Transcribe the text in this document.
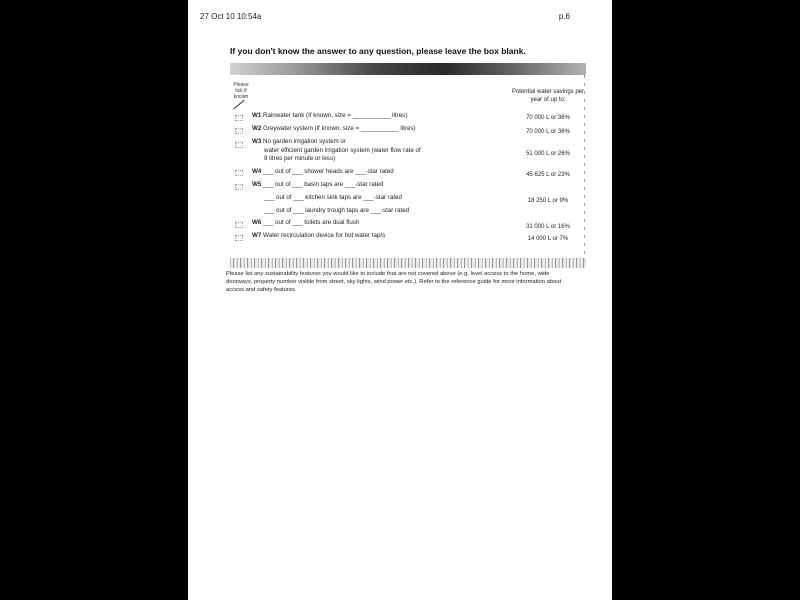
27 Oct 10 10:54a	p.6
If you don't know the answer to any question, please leave the box blank.
Please tick if known
Potential water savings per year of up to:
W1 Rainwater tank (If known, size = ___________ litres)	70 000 L or 36%
W2 Greywater system (if known, size = ___________ litres)	70 000 L or 36%
W3 No garden irrigation system or
water efficient garden irrigation system (water flow rate of
9 litres per minute or less)
51 000 L or 26%
W4 ___ out of ___ shower heads are ___-star rated	45 625 L or 23%
W5 ___ out of ___ basin taps are ___-star rated
___ out of ___ kitchen sink taps are ___-star rated
___ out of ___ laundry trough taps are ___-star rated
18 250 L or 9%
W6 ___ out of ___ toilets are dual flush
31 000 L or 16%
W7 Water recirculation device for hot water tap/s	14 000 L or 7%
Please list any sustainability features you would like to include that are not covered above (e.g. level access to the home, wide doorways, property number visible from street, sky lights, wind power etc.). Refer to the reference guide for more information about access and safety features.
